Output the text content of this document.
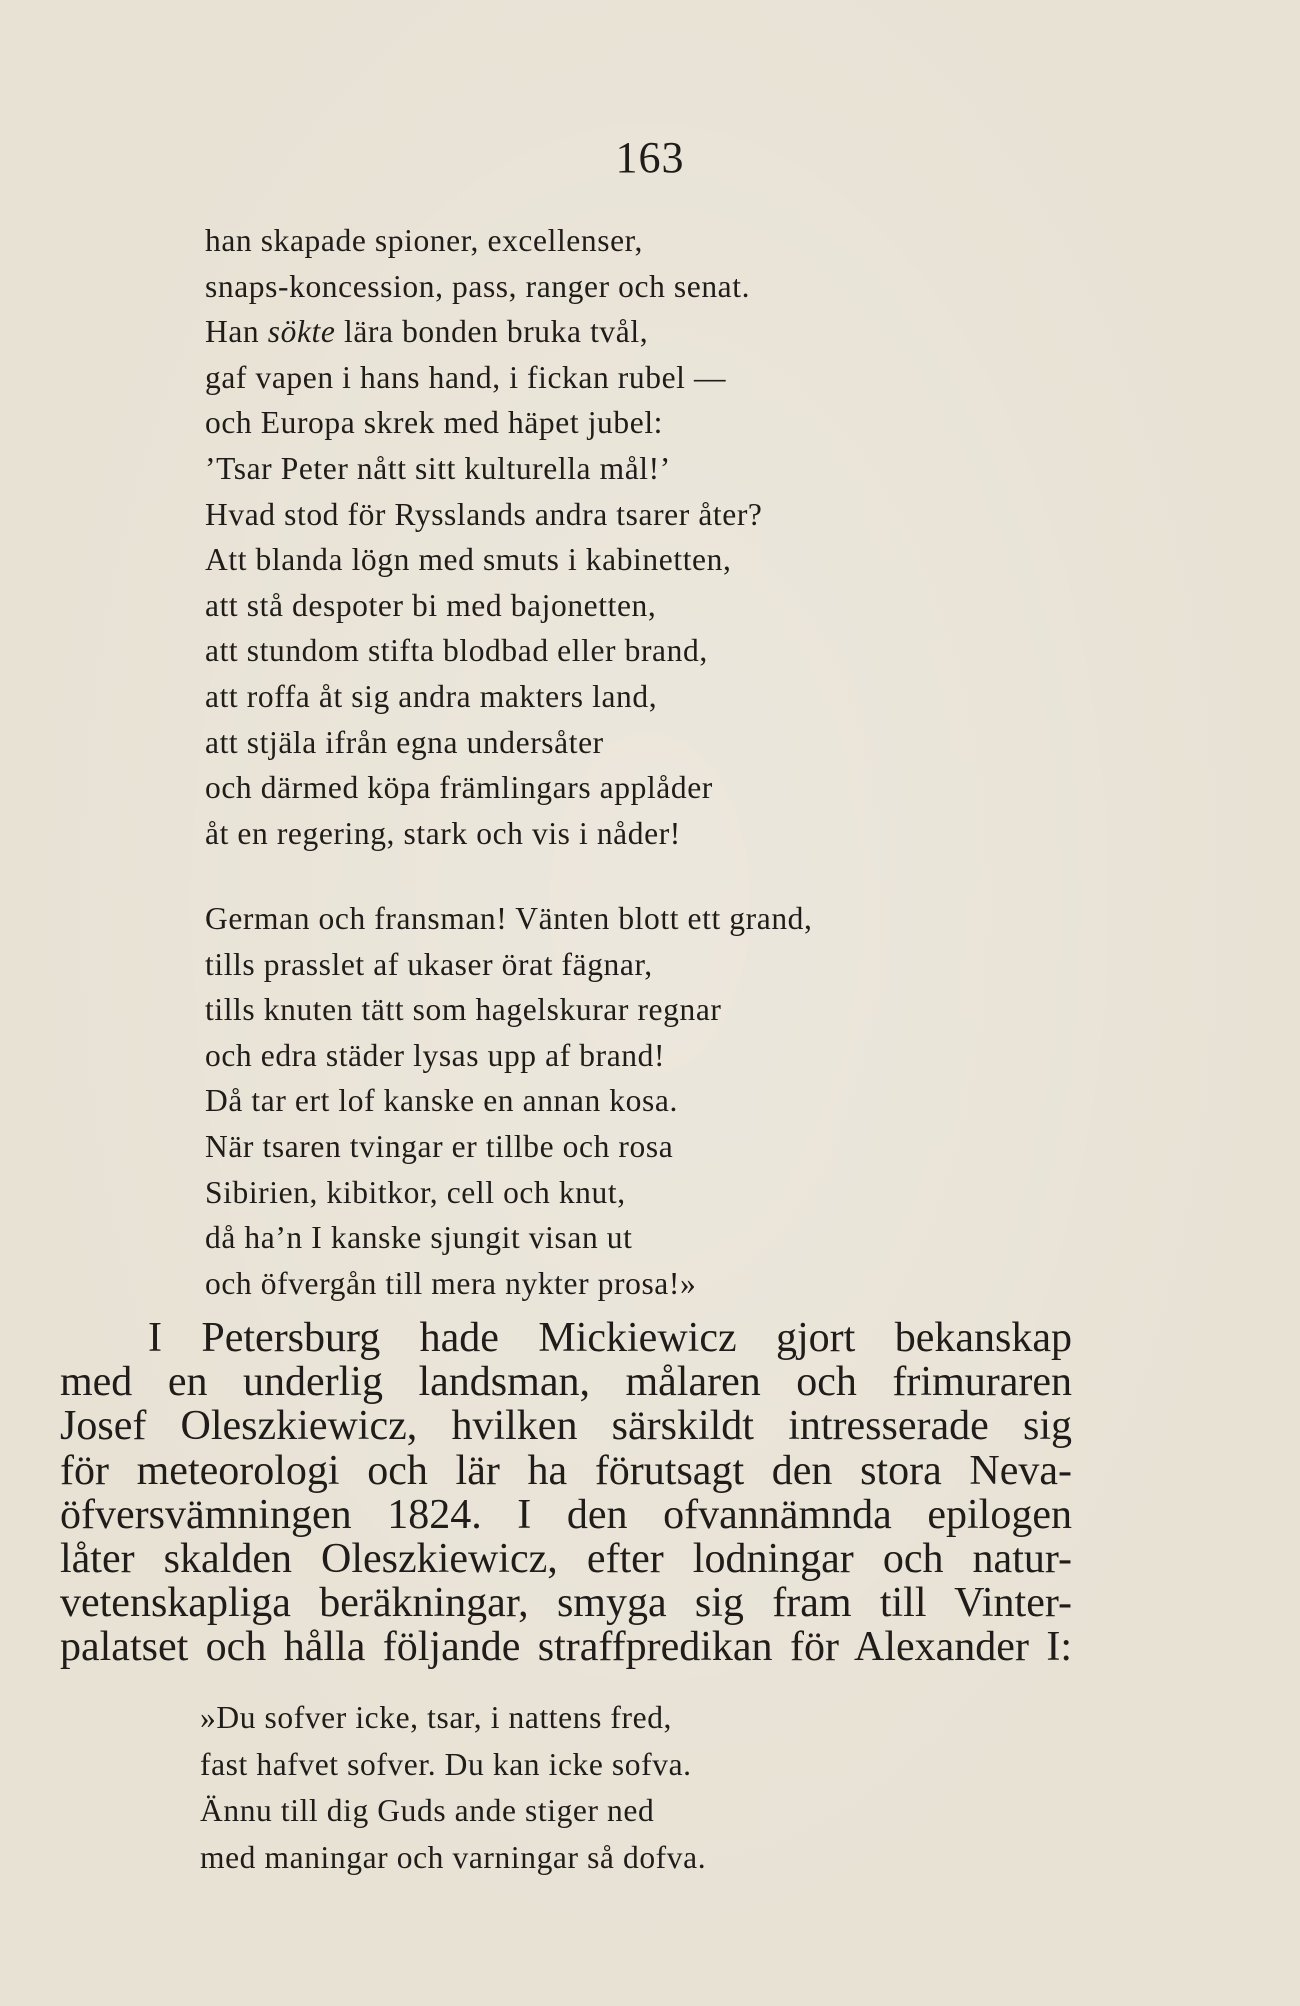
163
han skapade spioner, excellenser,
snaps-koncession, pass, ranger och senat.
Han sökte lära bonden bruka tvål,
gaf vapen i hans hand, i fickan rubel —
och Europa skrek med häpet jubel:
’Tsar Peter nått sitt kulturella mål!’
Hvad stod för Rysslands andra tsarer åter?
Att blanda lögn med smuts i kabinetten,
att stå despoter bi med bajonetten,
att stundom stifta blodbad eller brand,
att roffa åt sig andra makters land,
att stjäla ifrån egna undersåter
och därmed köpa främlingars applåder
åt en regering, stark och vis i nåder!
German och fransman! Vänten blott ett grand,
tills prasslet af ukaser örat fägnar,
tills knuten tätt som hagelskurar regnar
och edra städer lysas upp af brand!
Då tar ert lof kanske en annan kosa.
När tsaren tvingar er tillbe och rosa
Sibirien, kibitkor, cell och knut,
då ha’n I kanske sjungit visan ut
och öfvergån till mera nykter prosa!»
I Petersburg hade Mickiewicz gjort bekanskap
med en underlig landsman, målaren och frimuraren
Josef Oleszkiewicz, hvilken särskildt intresserade sig
för meteorologi och lär ha förutsagt den stora Neva-
öfversvämningen 1824. I den ofvannämnda epilogen
låter skalden Oleszkiewicz, efter lodningar och natur-
vetenskapliga beräkningar, smyga sig fram till Vinter-
palatset och hålla följande straffpredikan för Alexander I:
»Du sofver icke, tsar, i nattens fred,
fast hafvet sofver. Du kan icke sofva.
Ännu till dig Guds ande stiger ned
med maningar och varningar så dofva.
